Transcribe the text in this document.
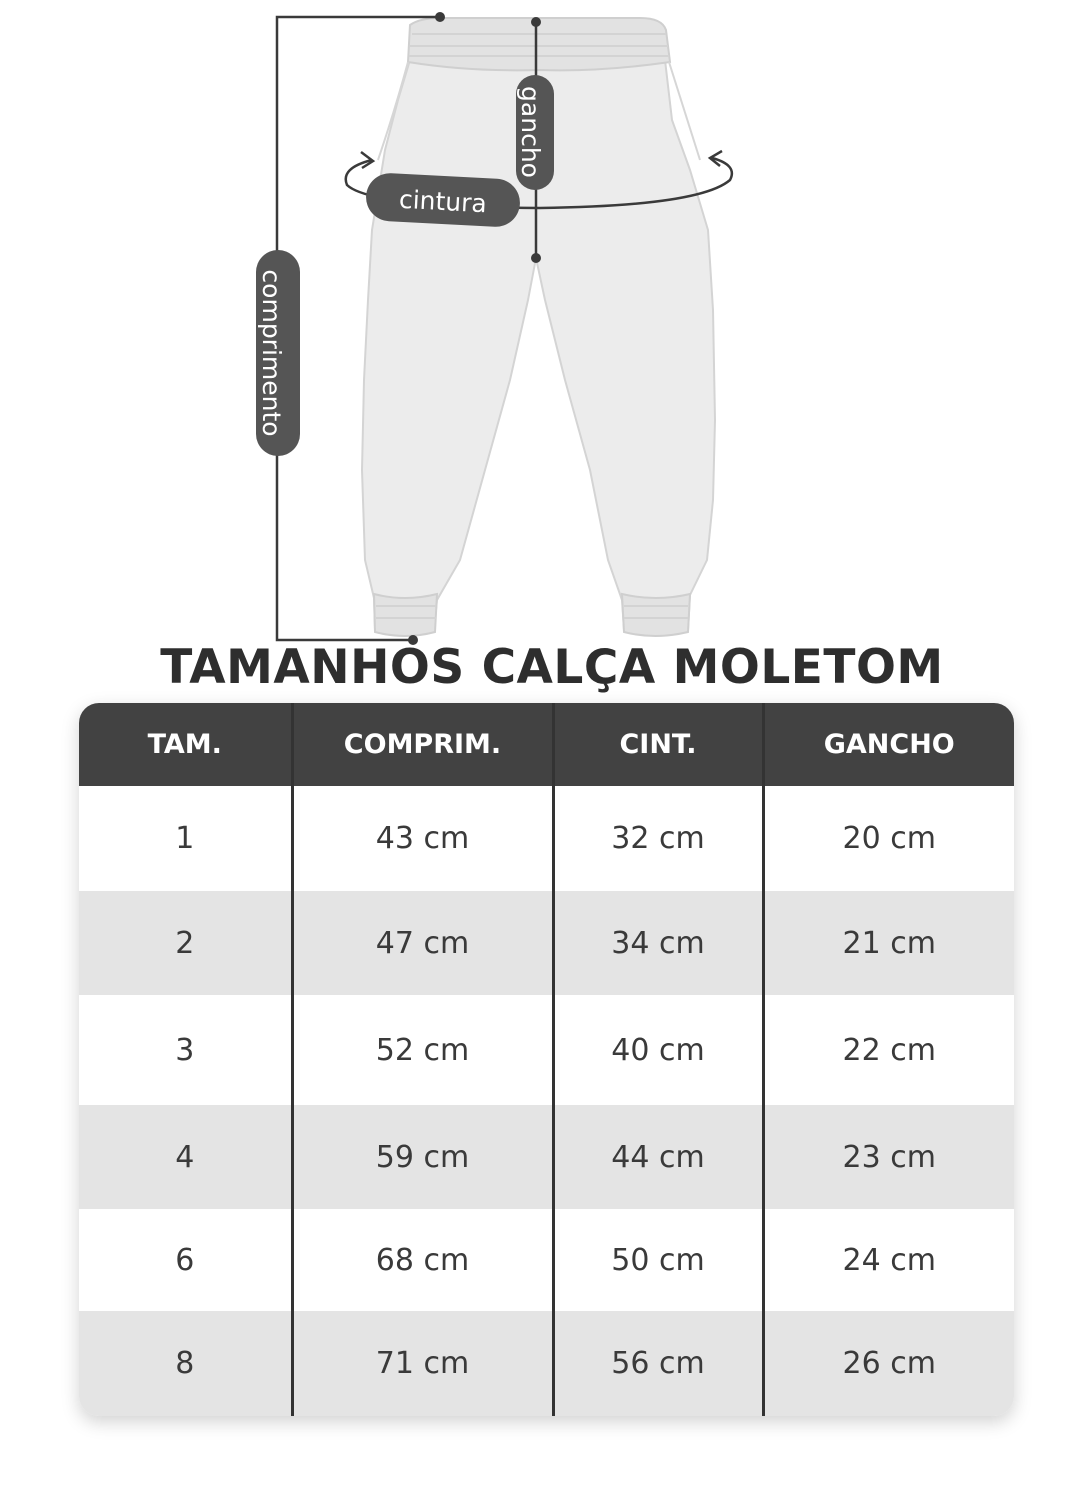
comprimento
gancho
cintura
TAMANHOS CALÇA MOLETOM
TAM.	COMPRIM.	CINT.	GANCHO
1	43 cm	32 cm	20 cm
2	47 cm	34 cm	21 cm
3	52 cm	40 cm	22 cm
4	59 cm	44 cm	23 cm
6	68 cm	50 cm	24 cm
8	71 cm	56 cm	26 cm
